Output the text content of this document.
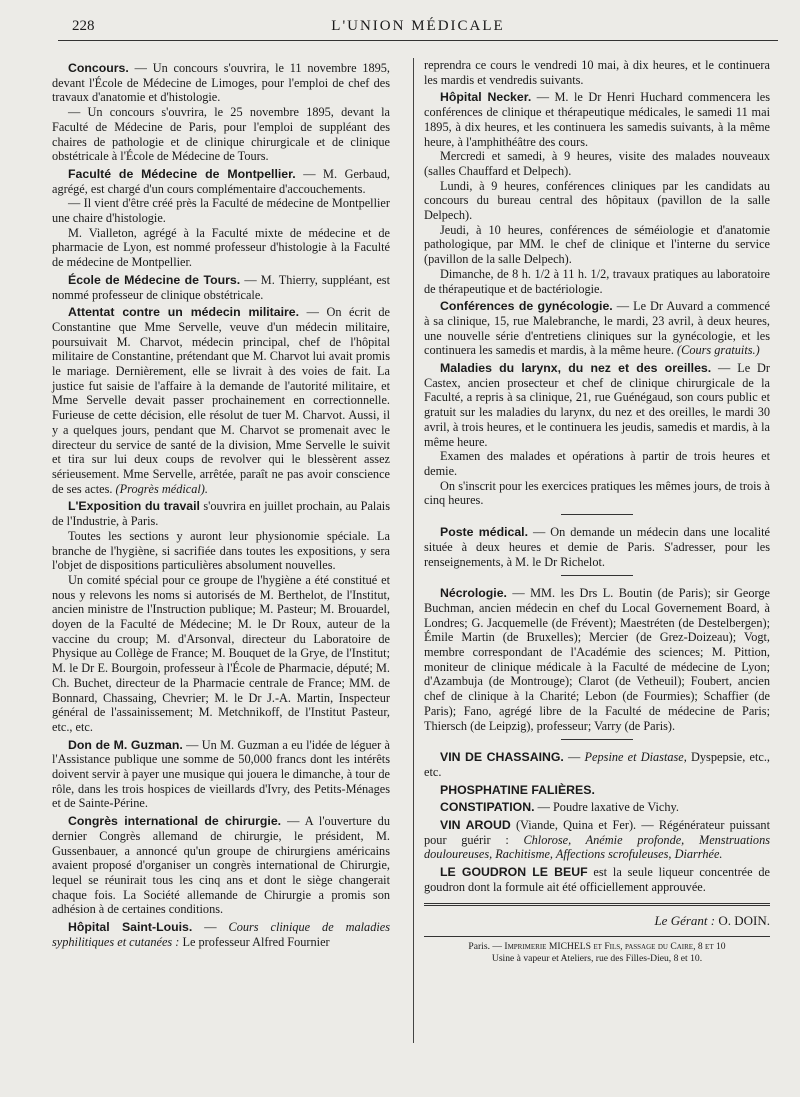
228	L'UNION MÉDICALE

Concours. — Un concours s'ouvrira, le 11 novembre 1895, devant l'École de Médecine de Limoges, pour l'emploi de chef des travaux d'anatomie et d'histologie.

— Un concours s'ouvrira, le 25 novembre 1895, devant la Faculté de Médecine de Paris, pour l'emploi de suppléant des chaires de pathologie et de clinique chirurgicale et de clinique obstétricale à l'École de Médecine de Tours.

Faculté de Médecine de Montpellier. — M. Gerbaud, agrégé, est chargé d'un cours complémentaire d'accouchements.

— Il vient d'être créé près la Faculté de médecine de Montpellier une chaire d'histologie.

M. Vialleton, agrégé à la Faculté mixte de médecine et de pharmacie de Lyon, est nommé professeur d'histologie à la Faculté de médecine de Montpellier.

École de Médecine de Tours. — M. Thierry, suppléant, est nommé professeur de clinique obstétricale.

Attentat contre un médecin militaire. — On écrit de Constantine que Mme Servelle, veuve d'un médecin militaire, poursuivait M. Charvot, médecin principal, chef de l'hôpital militaire de Constantine, prétendant que M. Charvot lui avait promis le mariage. Dernièrement, elle se livrait à des voies de fait. La justice fut saisie de l'affaire à la demande de l'autorité militaire, et Mme Servelle devait passer prochainement en correctionnelle. Furieuse de cette décision, elle résolut de tuer M. Charvot. Aussi, il y a quelques jours, pendant que M. Charvot se promenait avec le directeur du service de santé de la division, Mme Servelle le suivit et tira sur lui deux coups de revolver qui le blessèrent assez sérieusement. Mme Servelle, arrêtée, paraît ne pas avoir conscience de ses actes. (Progrès médical).

L'Exposition du travail s'ouvrira en juillet prochain, au Palais de l'Industrie, à Paris.

Toutes les sections y auront leur physionomie spéciale. La branche de l'hygiène, si sacrifiée dans toutes les expositions, y sera l'objet de dispositions particulières absolument nouvelles.

Un comité spécial pour ce groupe de l'hygiène a été constitué et nous y relevons les noms si autorisés de M. Berthelot, de l'Institut, ancien ministre de l'Instruction publique; M. Pasteur; M. Brouardel, doyen de la Faculté de Médecine; M. le Dr Roux, auteur de la vaccine du croup; M. d'Arsonval, directeur du Laboratoire de Physique au Collège de France; M. Bouquet de la Grye, de l'Institut; M. le Dr E. Bourgoin, professeur à l'École de Pharmacie, député; M. Ch. Buchet, directeur de la Pharmacie centrale de France; MM. de Bonnard, Chassaing, Chevrier; M. le Dr J.-A. Martin, Inspecteur général de l'assainissement; M. Metchnikoff, de l'Institut Pasteur, etc., etc.

Don de M. Guzman. — Un M. Guzman a eu l'idée de léguer à l'Assistance publique une somme de 50,000 francs dont les intérêts doivent servir à payer une musique qui jouera le dimanche, à tour de rôle, dans les trois hospices de vieillards d'Ivry, des Petits-Ménages et de Sainte-Périne.

Congrès international de chirurgie. — A l'ouverture du dernier Congrès allemand de chirurgie, le président, M. Gussenbauer, a annoncé qu'un groupe de chirurgiens américains avaient proposé d'organiser un congrès international de Chirurgie, lequel se réunirait tous les cinq ans et dont le siège changerait chaque fois. La Société allemande de Chirurgie a promis son adhésion à de certaines conditions.

Hôpital Saint-Louis. — Cours clinique de maladies syphilitiques et cutanées : Le professeur Alfred Fournier

reprendra ce cours le vendredi 10 mai, à dix heures, et le continuera les mardis et vendredis suivants.

Hôpital Necker. — M. le Dr Henri Huchard commencera les conférences de clinique et thérapeutique médicales, le samedi 11 mai 1895, à dix heures, et les continuera les samedis suivants, à la même heure, à l'amphithéâtre des cours.

Mercredi et samedi, à 9 heures, visite des malades nouveaux (salles Chauffard et Delpech).

Lundi, à 9 heures, conférences cliniques par les candidats au concours du bureau central des hôpitaux (pavillon de la salle Delpech).

Jeudi, à 10 heures, conférences de séméiologie et d'anatomie pathologique, par MM. le chef de clinique et l'interne du service (pavillon de la salle Delpech).

Dimanche, de 8 h. 1/2 à 11 h. 1/2, travaux pratiques au laboratoire de thérapeutique et de bactériologie.

Conférences de gynécologie. — Le Dr Auvard a commencé à sa clinique, 15, rue Malebranche, le mardi, 23 avril, à deux heures, une nouvelle série d'entretiens cliniques sur la gynécologie, et les continuera les samedis et mardis, à la même heure. (Cours gratuits.)

Maladies du larynx, du nez et des oreilles. — Le Dr Castex, ancien prosecteur et chef de clinique chirurgicale de la Faculté, a repris à sa clinique, 21, rue Guénégaud, son cours public et gratuit sur les maladies du larynx, du nez et des oreilles, le mardi 30 avril, à trois heures, et le continuera les jeudis, samedis et mardis, à la même heure.

Examen des malades et opérations à partir de trois heures et demie.

On s'inscrit pour les exercices pratiques les mêmes jours, de trois à cinq heures.

Poste médical. — On demande un médecin dans une localité située à deux heures et demie de Paris. S'adresser, pour les renseignements, à M. le Dr Richelot.

Nécrologie. — MM. les Drs L. Boutin (de Paris); sir George Buchman, ancien médecin en chef du Local Governement Board, à Londres; G. Jacquemelle (de Frévent); Maestréten (de Destelbergen); Émile Martin (de Bruxelles); Mercier (de Grez-Doizeau); Vogt, membre correspondant de l'Académie des sciences; M. Pittion, moniteur de clinique médicale à la Faculté de médecine de Lyon; d'Azambuja (de Montrouge); Clarot (de Vetheuil); Foubert, ancien chef de clinique à la Charité; Lebon (de Fourmies); Schaffier (de Paris); Fano, agrégé libre de la Faculté de médecine de Paris; Thiersch (de Leipzig), professeur; Varry (de Paris).

VIN DE CHASSAING. — Pepsine et Diastase, Dyspepsie, etc., etc.

PHOSPHATINE FALIÈRES.

CONSTIPATION. — Poudre laxative de Vichy.

VIN AROUD (Viande, Quina et Fer). — Régénérateur puissant pour guérir : Chlorose, Anémie profonde, Menstruations douloureuses, Rachitisme, Affections scrofuleuses, Diarrhée.

LE GOUDRON LE BEUF est la seule liqueur concentrée de goudron dont la formule ait été officiellement approuvée.

Le Gérant : O. DOIN.
Paris. — Imprimerie MICHELS et Fils, passage du Caire, 8 et 10
Usine à vapeur et Ateliers, rue des Filles-Dieu, 8 et 10.
